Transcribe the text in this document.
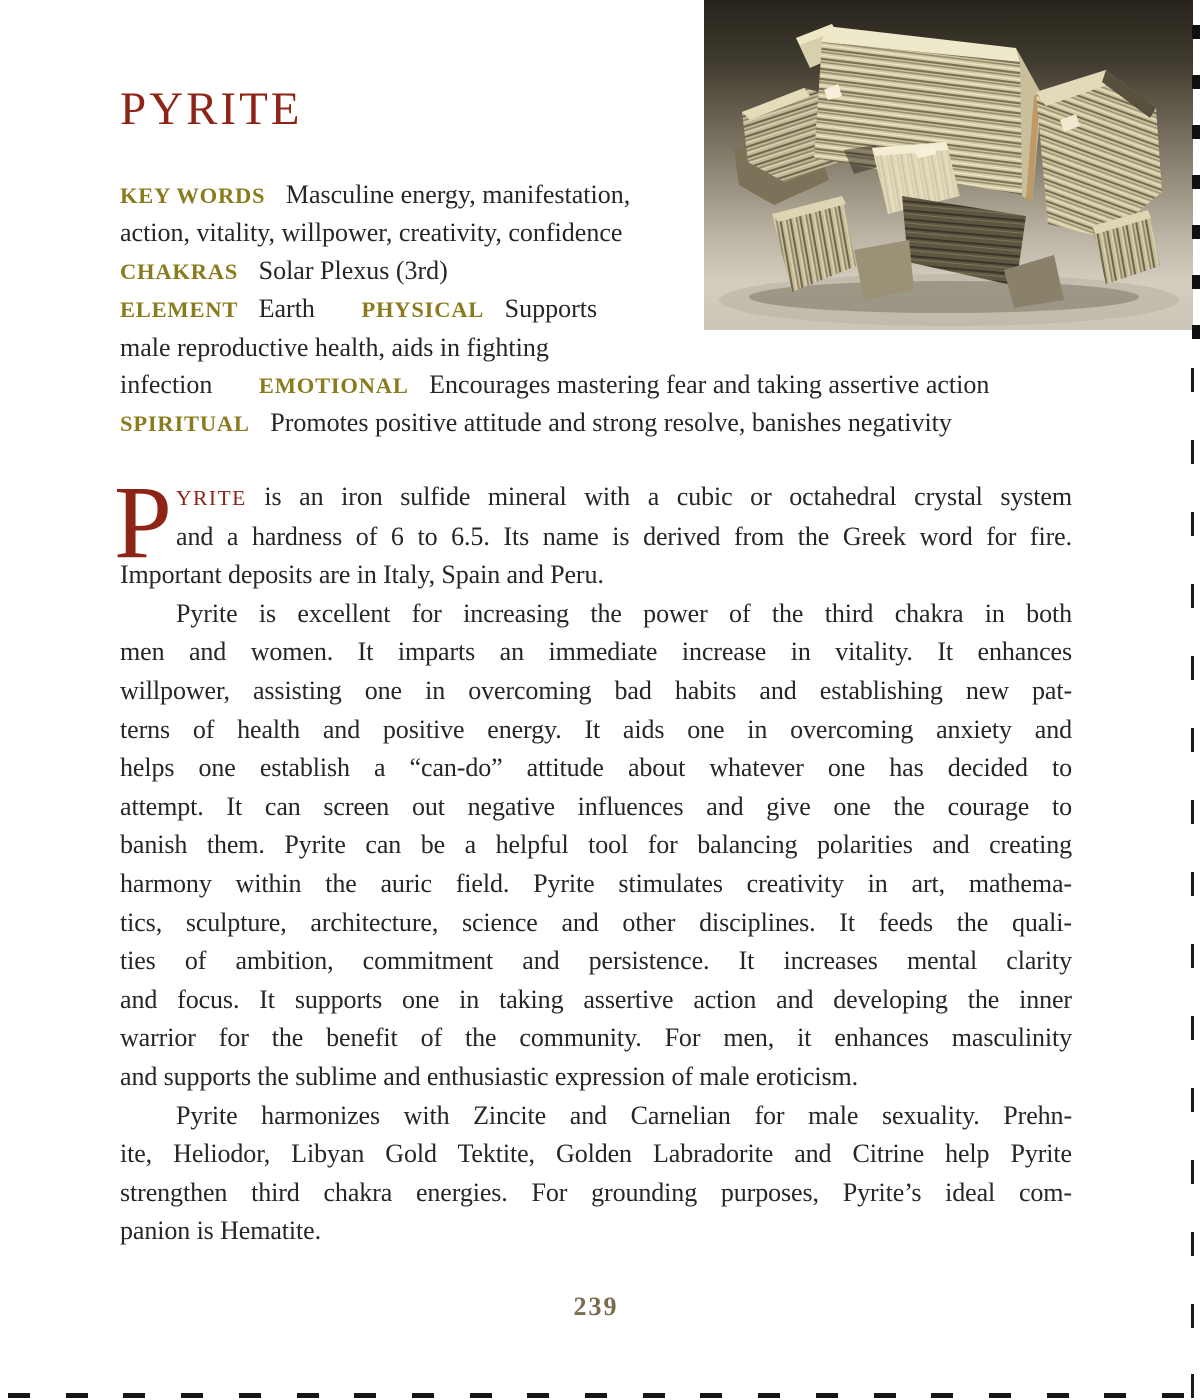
PYRITE
KEY WORDS Masculine energy, manifestation,
action, vitality, willpower, creativity, confidence
CHAKRAS Solar Plexus (3rd)
ELEMENT Earth PHYSICAL Supports
male reproductive health, aids in fighting
infection EMOTIONAL Encourages mastering fear and taking assertive action
SPIRITUAL Promotes positive attitude and strong resolve, banishes negativity
P YRITE is an iron sulfide mineral with a cubic or octahedral crystal system
and a hardness of 6 to 6.5. Its name is derived from the Greek word for fire.
Important deposits are in Italy, Spain and Peru.
Pyrite is excellent for increasing the power of the third chakra in both
men and women. It imparts an immediate increase in vitality. It enhances
willpower, assisting one in overcoming bad habits and establishing new pat-
terns of health and positive energy. It aids one in overcoming anxiety and
helps one establish a “can-do” attitude about whatever one has decided to
attempt. It can screen out negative influences and give one the courage to
banish them. Pyrite can be a helpful tool for balancing polarities and creating
harmony within the auric field. Pyrite stimulates creativity in art, mathema-
tics, sculpture, architecture, science and other disciplines. It feeds the quali-
ties of ambition, commitment and persistence. It increases mental clarity
and focus. It supports one in taking assertive action and developing the inner
warrior for the benefit of the community. For men, it enhances masculinity
and supports the sublime and enthusiastic expression of male eroticism.
Pyrite harmonizes with Zincite and Carnelian for male sexuality. Prehn-
ite, Heliodor, Libyan Gold Tektite, Golden Labradorite and Citrine help Pyrite
strengthen third chakra energies. For grounding purposes, Pyrite’s ideal com-
panion is Hematite.
239
